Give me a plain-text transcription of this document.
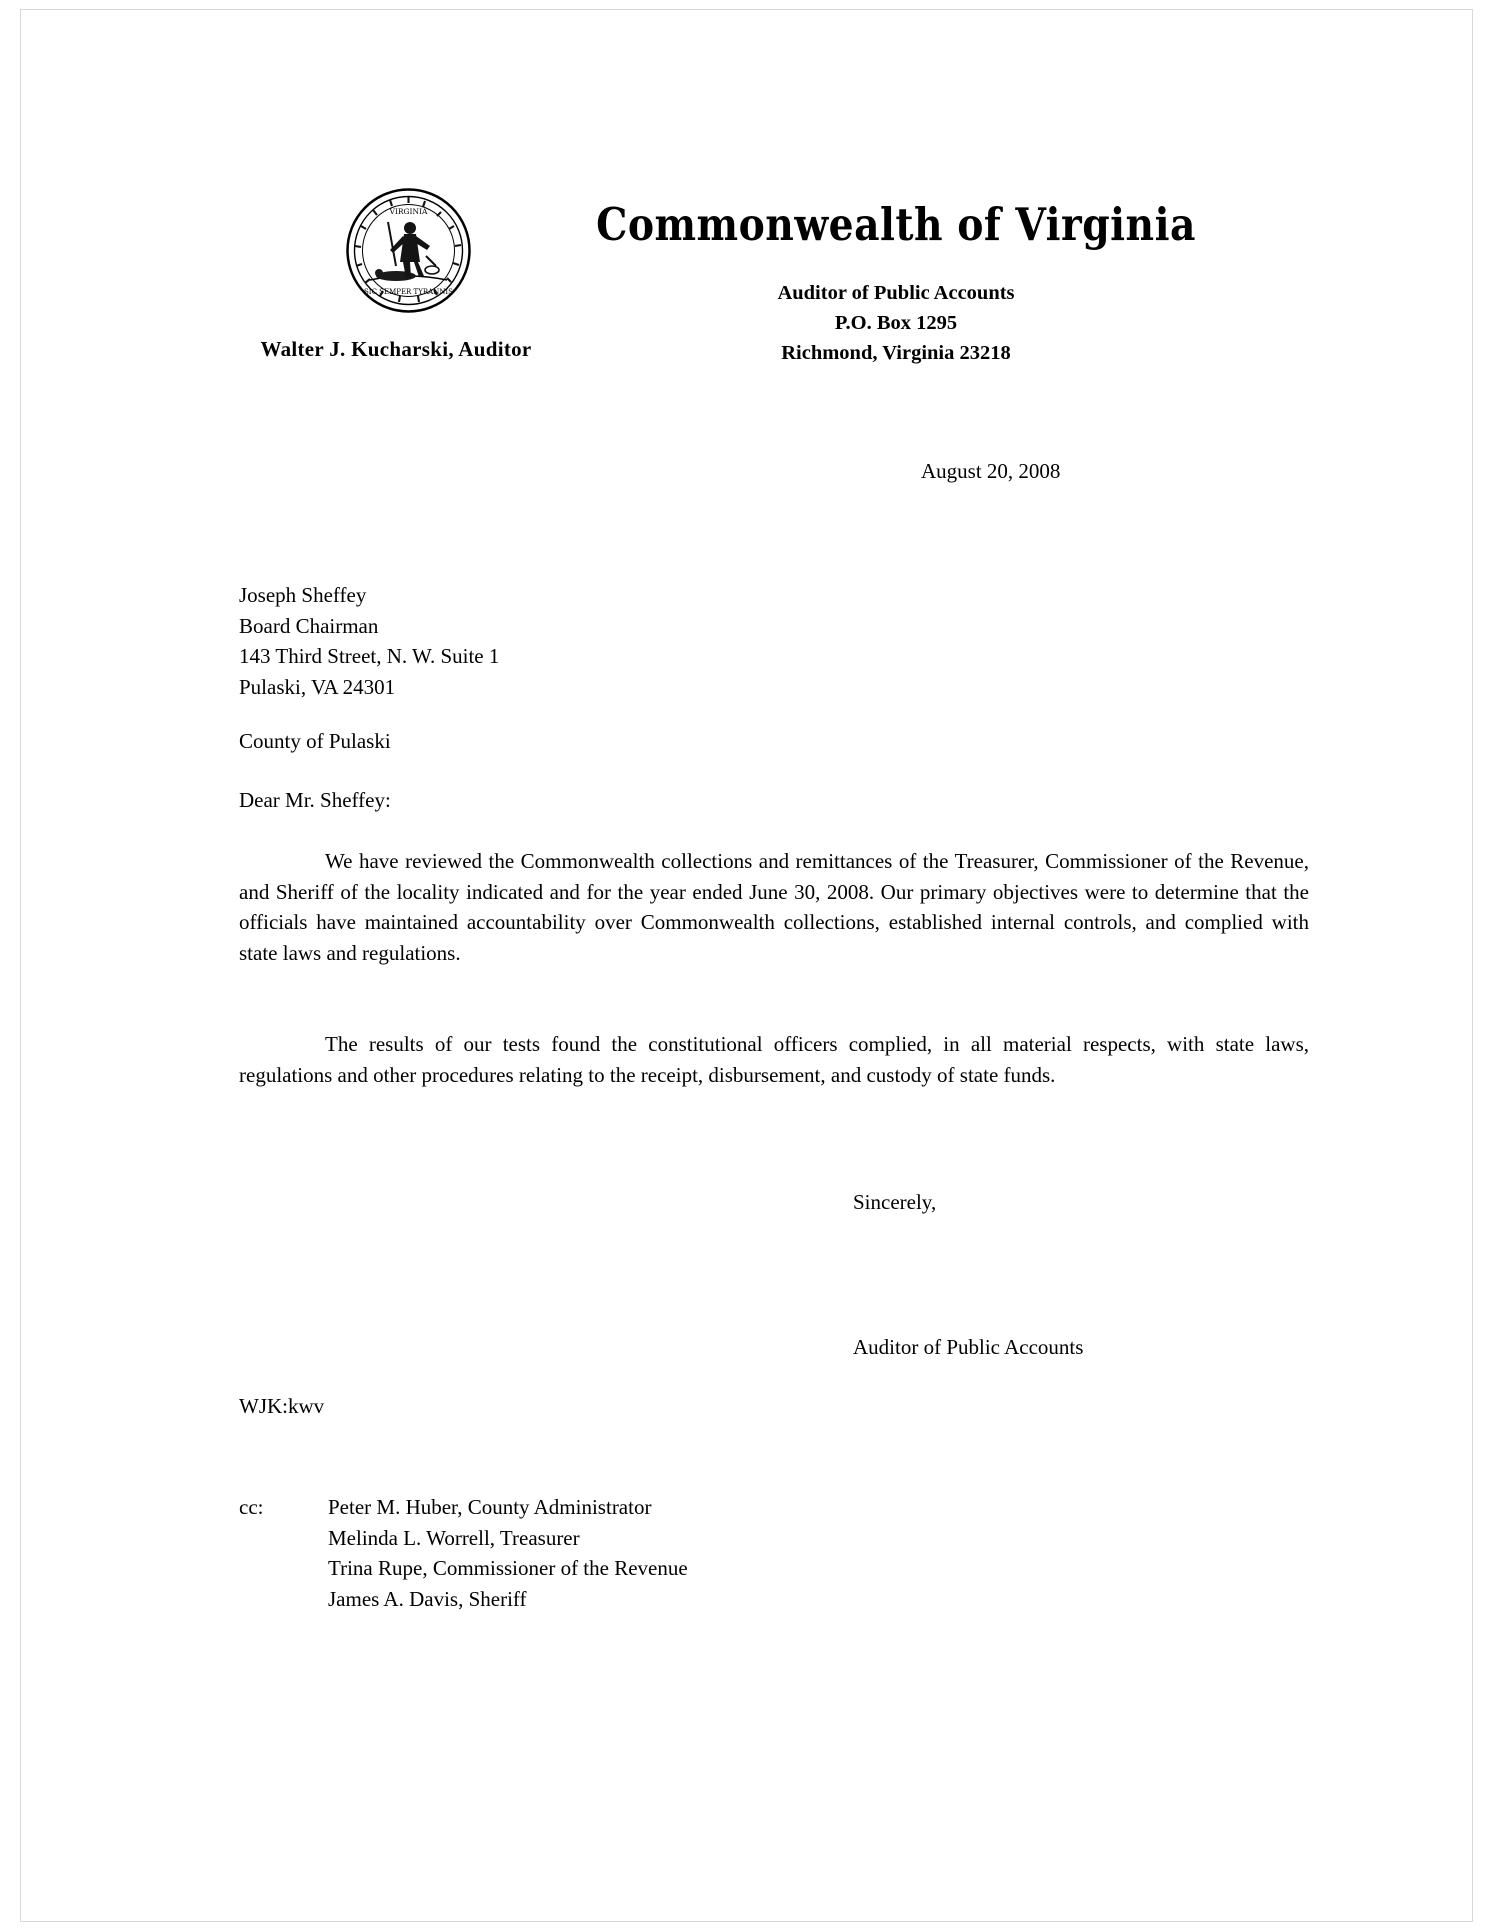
VIRGINIA
SIC SEMPER TYRANNIS
Commonwealth of Virginia
Auditor of Public Accounts
P.O. Box 1295
Richmond, Virginia 23218
Walter J. Kucharski, Auditor
August 20, 2008
Joseph Sheffey
Board Chairman
143 Third Street, N. W. Suite 1
Pulaski, VA 24301
County of Pulaski
Dear Mr. Sheffey:
We have reviewed the Commonwealth collections and remittances of the Treasurer, Commissioner of the Revenue, and Sheriff of the locality indicated and for the year ended June 30, 2008. Our primary objectives were to determine that the officials have maintained accountability over Commonwealth collections, established internal controls, and complied with state laws and regulations.
The results of our tests found the constitutional officers complied, in all material respects, with state laws, regulations and other procedures relating to the receipt, disbursement, and custody of state funds.
Sincerely,
Auditor of Public Accounts
WJK:kwv
cc:	Peter M. Huber, County Administrator
Melinda L. Worrell, Treasurer
Trina Rupe, Commissioner of the Revenue
James A. Davis, Sheriff
